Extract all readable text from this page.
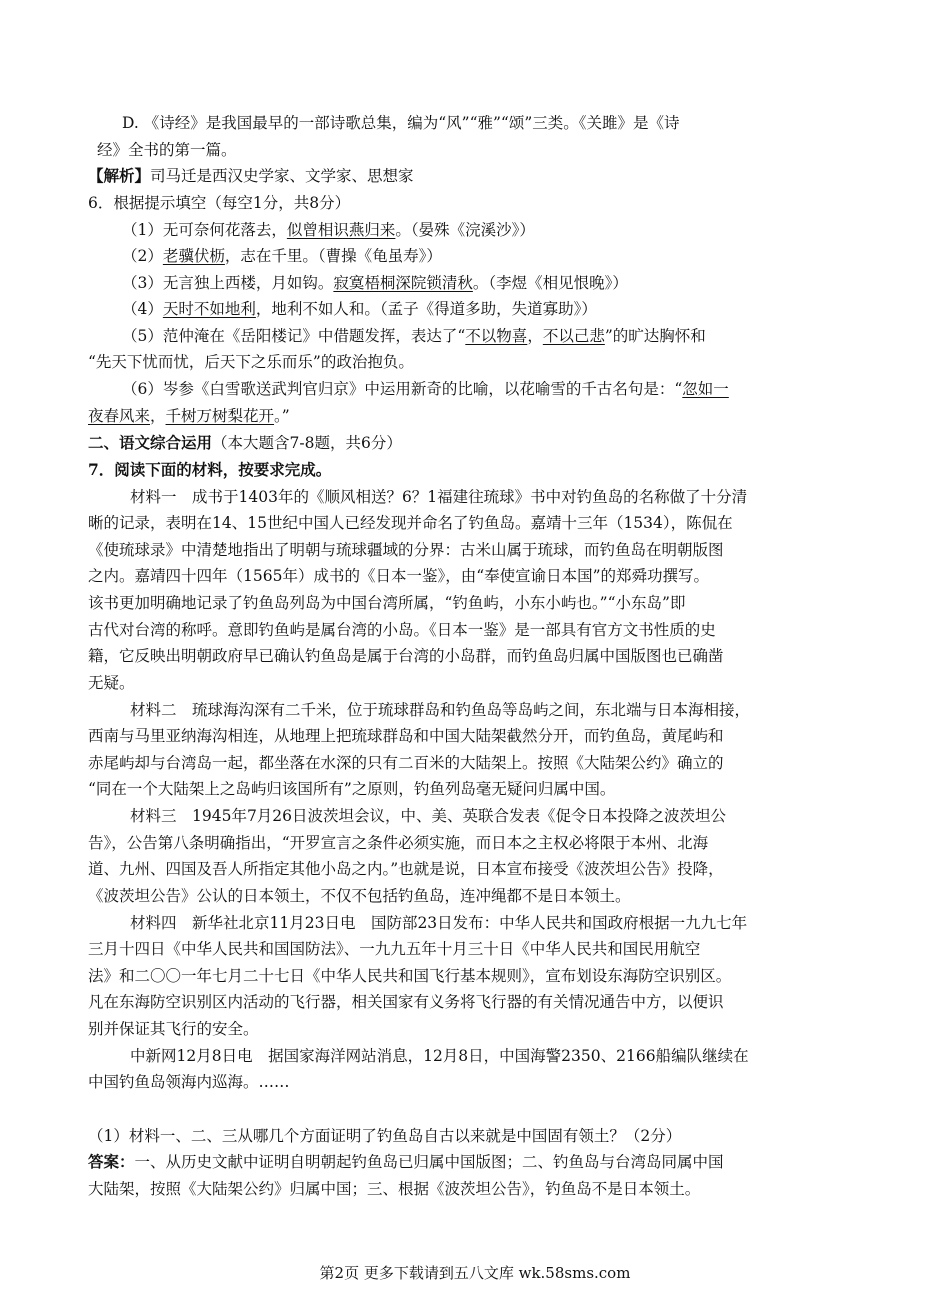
D. 《诗经》是我国最早的一部诗歌总集，编为“风”“雅”“颂”三类。《关雎》是《诗
经》全书的第一篇。
【解析】司马迁是西汉史学家、文学家、思想家
6．根据提示填空（每空1分，共8分）
（1）无可奈何花落去，似曾相识燕归来。（晏殊《浣溪沙》）
（2）老骥伏枥，志在千里。（曹操《龟虽寿》）
（3）无言独上西楼，月如钩。寂寞梧桐深院锁清秋。（李煜《相见恨晚》）
（4）天时不如地利，地利不如人和。（孟子《得道多助，失道寡助》）
（5）范仲淹在《岳阳楼记》中借题发挥，表达了“不以物喜，不以己悲”的旷达胸怀和
“先天下忧而忧，后天下之乐而乐”的政治抱负。
（6）岑参《白雪歌送武判官归京》中运用新奇的比喻，以花喻雪的千古名句是：“忽如一
夜春风来，千树万树梨花开。”
二、语文综合运用（本大题含7-8题，共6分）
7．阅读下面的材料，按要求完成。
材料一　成书于1403年的《顺风相送？6？1福建往琉球》书中对钓鱼岛的名称做了十分清
晰的记录，表明在14、15世纪中国人已经发现并命名了钓鱼岛。嘉靖十三年（1534），陈侃在
《使琉球录》中清楚地指出了明朝与琉球疆域的分界：古米山属于琉球，而钓鱼岛在明朝版图
之内。嘉靖四十四年（1565年）成书的《日本一鉴》，由“奉使宣谕日本国”的郑舜功撰写。
该书更加明确地记录了钓鱼岛列岛为中国台湾所属，“钓鱼屿，小东小屿也。”“小东岛”即
古代对台湾的称呼。意即钓鱼屿是属台湾的小岛。《日本一鉴》是一部具有官方文书性质的史
籍，它反映出明朝政府早已确认钓鱼岛是属于台湾的小岛群，而钓鱼岛归属中国版图也已确凿
无疑。
材料二　琉球海沟深有二千米，位于琉球群岛和钓鱼岛等岛屿之间，东北端与日本海相接，
西南与马里亚纳海沟相连，从地理上把琉球群岛和中国大陆架截然分开，而钓鱼岛，黄尾屿和
赤尾屿却与台湾岛一起，都坐落在水深的只有二百米的大陆架上。按照《大陆架公约》确立的
“同在一个大陆架上之岛屿归该国所有”之原则，钓鱼列岛毫无疑问归属中国。
材料三　1945年7月26日波茨坦会议，中、美、英联合发表《促令日本投降之波茨坦公
告》，公告第八条明确指出，“开罗宣言之条件必须实施，而日本之主权必将限于本州、北海
道、九州、四国及吾人所指定其他小岛之内。”也就是说，日本宣布接受《波茨坦公告》投降，
《波茨坦公告》公认的日本领土，不仅不包括钓鱼岛，连冲绳都不是日本领土。
材料四　新华社北京11月23日电　国防部23日发布：中华人民共和国政府根据一九九七年
三月十四日《中华人民共和国国防法》、一九九五年十月三十日《中华人民共和国民用航空
法》和二〇〇一年七月二十七日《中华人民共和国飞行基本规则》，宣布划设东海防空识别区。
凡在东海防空识别区内活动的飞行器，相关国家有义务将飞行器的有关情况通告中方，以便识
别并保证其飞行的安全。
中新网12月8日电　据国家海洋网站消息，12月8日，中国海警2350、2166船编队继续在
中国钓鱼岛领海内巡海。……
（1）材料一、二、三从哪几个方面证明了钓鱼岛自古以来就是中国固有领土？（2分）
答案：一、从历史文献中证明自明朝起钓鱼岛已归属中国版图；二、钓鱼岛与台湾岛同属中国
大陆架，按照《大陆架公约》归属中国；三、根据《波茨坦公告》，钓鱼岛不是日本领土。
第2页 更多下载请到五八文库 wk.58sms.com
